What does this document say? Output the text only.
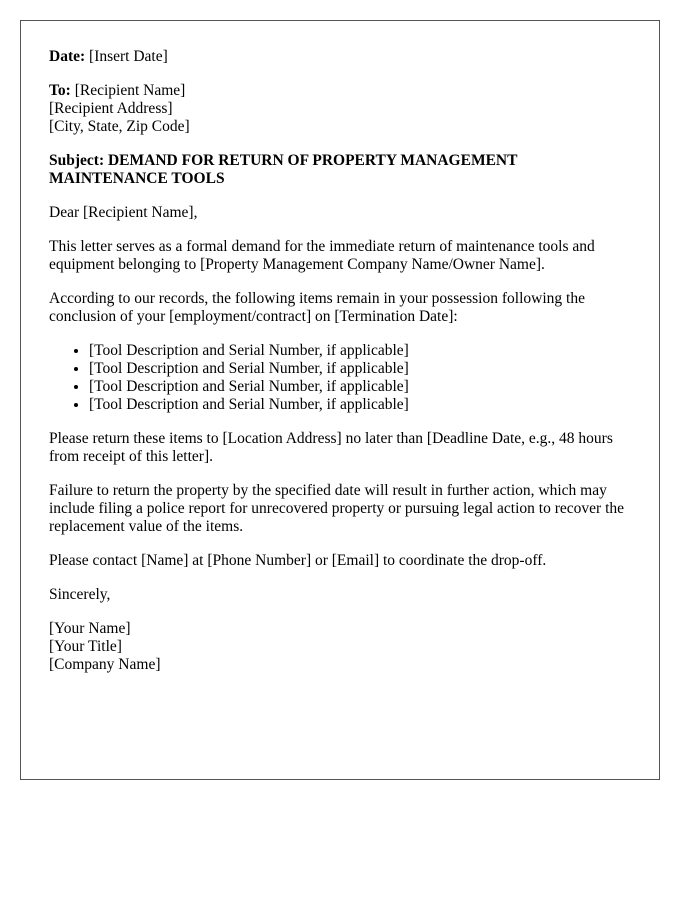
Date: [Insert Date]

To: [Recipient Name]
[Recipient Address]
[City, State, Zip Code]

Subject: DEMAND FOR RETURN OF PROPERTY MANAGEMENT MAINTENANCE TOOLS

Dear [Recipient Name],

This letter serves as a formal demand for the immediate return of maintenance tools and equipment belonging to [Property Management Company Name/Owner Name].

According to our records, the following items remain in your possession following the conclusion of your [employment/contract] on [Termination Date]:

• [Tool Description and Serial Number, if applicable]
• [Tool Description and Serial Number, if applicable]
• [Tool Description and Serial Number, if applicable]
• [Tool Description and Serial Number, if applicable]

Please return these items to [Location Address] no later than [Deadline Date, e.g., 48 hours from receipt of this letter].

Failure to return the property by the specified date will result in further action, which may include filing a police report for unrecovered property or pursuing legal action to recover the replacement value of the items.

Please contact [Name] at [Phone Number] or [Email] to coordinate the drop-off.

Sincerely,

[Your Name]
[Your Title]
[Company Name]
